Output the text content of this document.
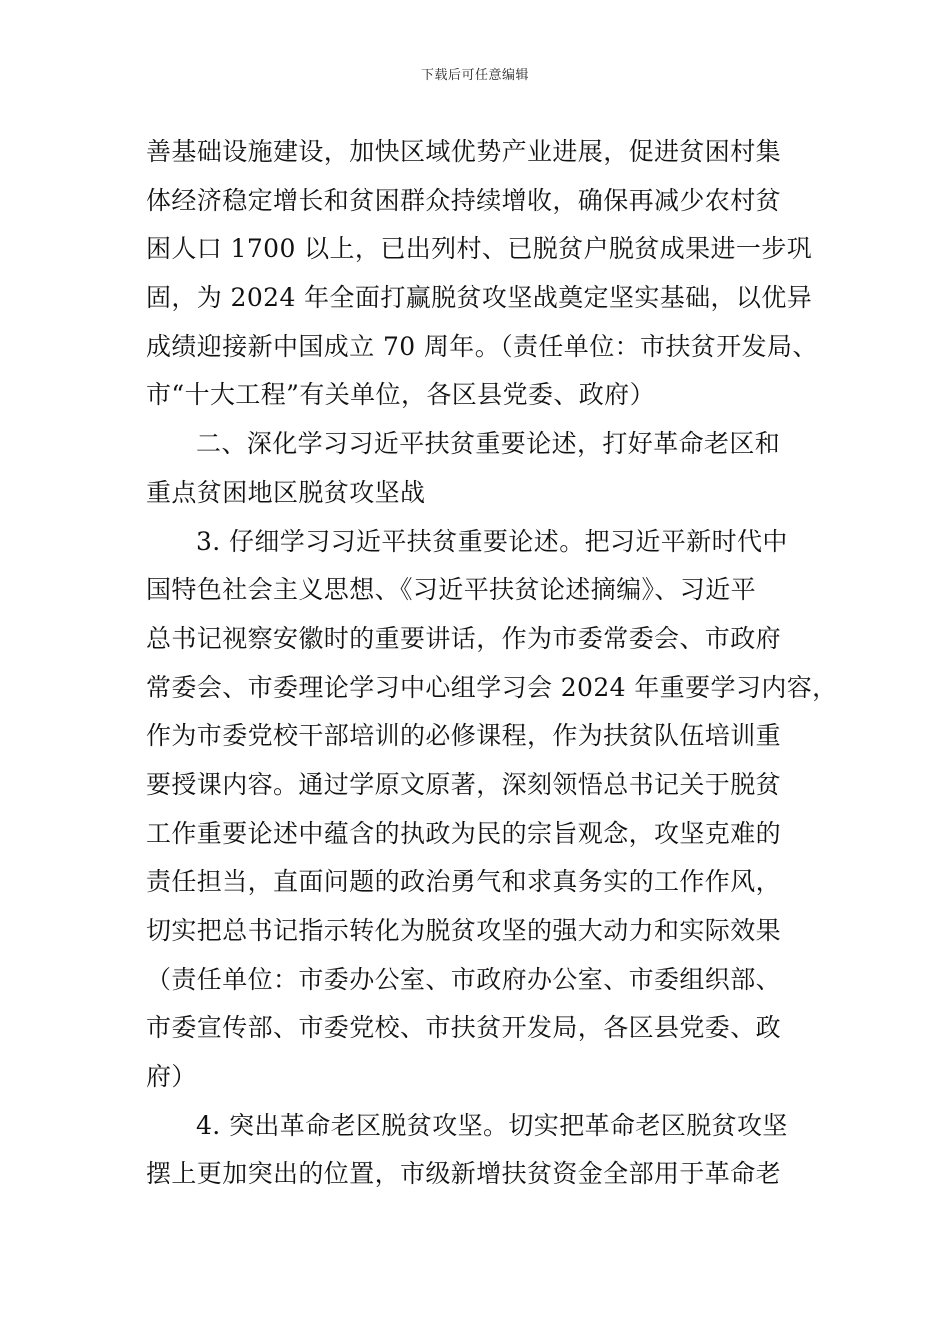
下载后可任意编辑
善基础设施建设，加快区域优势产业进展，促进贫困村集
体经济稳定增长和贫困群众持续增收，确保再减少农村贫
困人口 1700 以上，已出列村、已脱贫户脱贫成果进一步巩
固，为 2024 年全面打赢脱贫攻坚战奠定坚实基础，以优异
成绩迎接新中国成立 70 周年。（责任单位：市扶贫开发局、
市“十大工程”有关单位，各区县党委、政府）
二、深化学习习近平扶贫重要论述，打好革命老区和
重点贫困地区脱贫攻坚战
3. 仔细学习习近平扶贫重要论述。把习近平新时代中
国特色社会主义思想、《习近平扶贫论述摘编》、习近平
总书记视察安徽时的重要讲话，作为市委常委会、市政府
常委会、市委理论学习中心组学习会 2024 年重要学习内容，
作为市委党校干部培训的必修课程，作为扶贫队伍培训重
要授课内容。通过学原文原著，深刻领悟总书记关于脱贫
工作重要论述中蕴含的执政为民的宗旨观念，攻坚克难的
责任担当，直面问题的政治勇气和求真务实的工作作风，
切实把总书记指示转化为脱贫攻坚的强大动力和实际效果
（责任单位：市委办公室、市政府办公室、市委组织部、
市委宣传部、市委党校、市扶贫开发局，各区县党委、政
府）
4. 突出革命老区脱贫攻坚。切实把革命老区脱贫攻坚
摆上更加突出的位置，市级新增扶贫资金全部用于革命老
